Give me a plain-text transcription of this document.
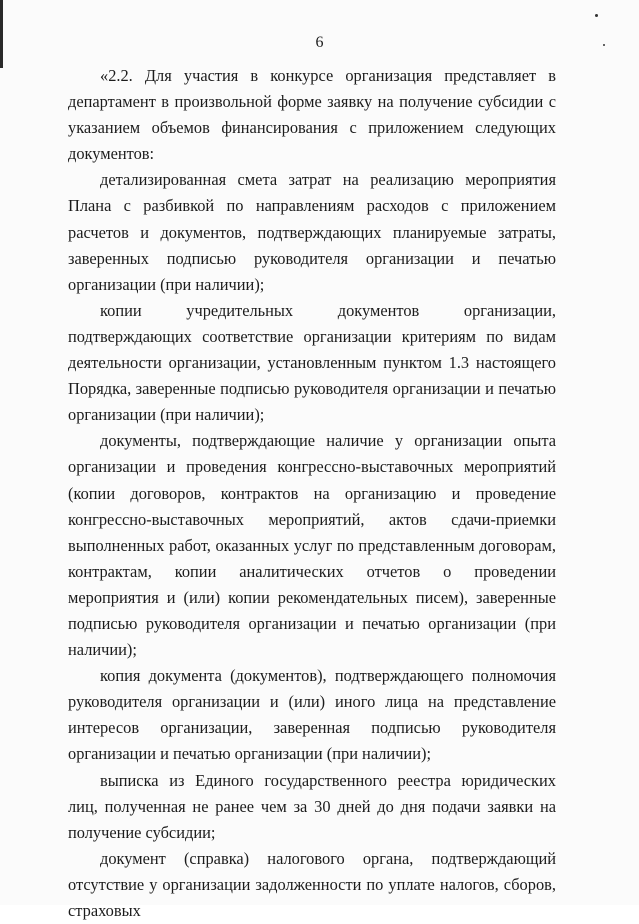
6

«2.2. Для участия в конкурсе организация представляет в департамент в произвольной форме заявку на получение субсидии с указанием объемов финансирования с приложением следующих документов:

детализированная смета затрат на реализацию мероприятия Плана с разбивкой по направлениям расходов с приложением расчетов и документов, подтверждающих планируемые затраты, заверенных подписью руководителя организации и печатью организации (при наличии);

копии учредительных документов организации, подтверждающих соответствие организации критериям по видам деятельности организации, установленным пунктом 1.3 настоящего Порядка, заверенные подписью руководителя организации и печатью организации (при наличии);

документы, подтверждающие наличие у организации опыта организации и проведения конгрессно-выставочных мероприятий (копии договоров, контрактов на организацию и проведение конгрессно-выставочных мероприятий, актов сдачи-приемки выполненных работ, оказанных услуг по представленным договорам, контрактам, копии аналитических отчетов о проведении мероприятия и (или) копии рекомендательных писем), заверенные подписью руководителя организации и печатью организации (при наличии);

копия документа (документов), подтверждающего полномочия руководителя организации и (или) иного лица на представление интересов организации, заверенная подписью руководителя организации и печатью организации (при наличии);

выписка из Единого государственного реестра юридических лиц, полученная не ранее чем за 30 дней до дня подачи заявки на получение субсидии;

документ (справка) налогового органа, подтверждающий отсутствие у организации задолженности по уплате налогов, сборов, страховых
